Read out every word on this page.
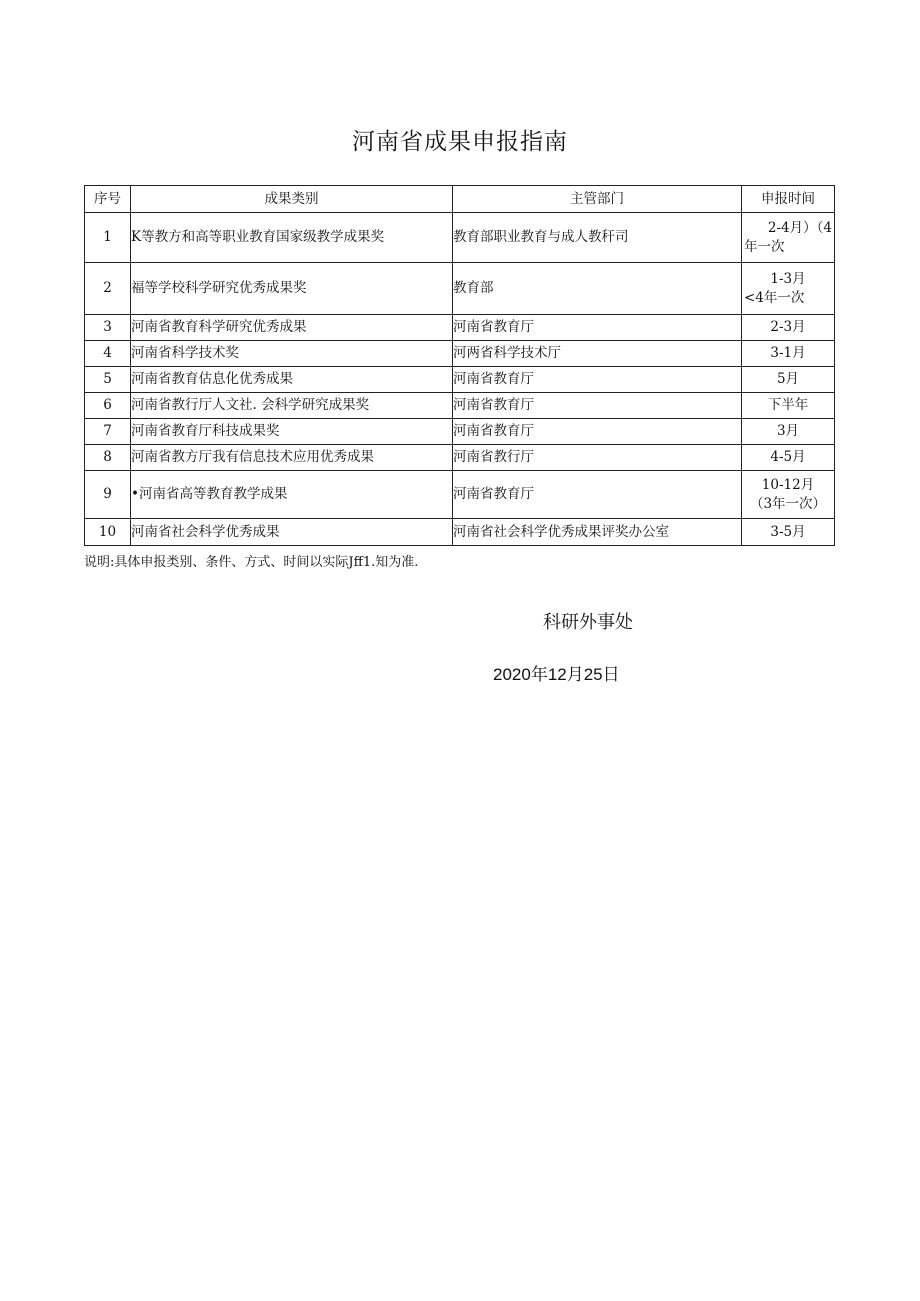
河南省成果申报指南
序号	成果类别	主管部门	申报时间
1	K等教方和高等职业教育国家级教学成果奖	教育部职业教育与成人教秆司	2-4月）（4
年一次

2	福等学校科学研究优秀成果奖	教育部	1-3月
<4年一次

3	河南省教育科学研究优秀成果	河南省教育厅	2-3月
4	河南省科学技术奖	河两省科学技术厅	3-1月
5	河南省教育估息化优秀成果	河南省教育厅	5月
6	河南省教行厅人文社. 会科学研究成果奖	河南省教育厅	下半年
7	河南省教育厅科技成果奖	河南省教育厅	3月
8	河南省教方厅我有信息技术应用优秀成果	河南省教行厅	4-5月
9	•河南省高等教育教学成果	河南省教育厅	10-12月
（3年一次）

10	河南省社会科学优秀成果	河南省社会科学优秀成果评奖办公室	3-5月
说明:具体申报类别、条件、方式、时间以实际Jff1.知为准.
科研外事处
2020年12月25日
